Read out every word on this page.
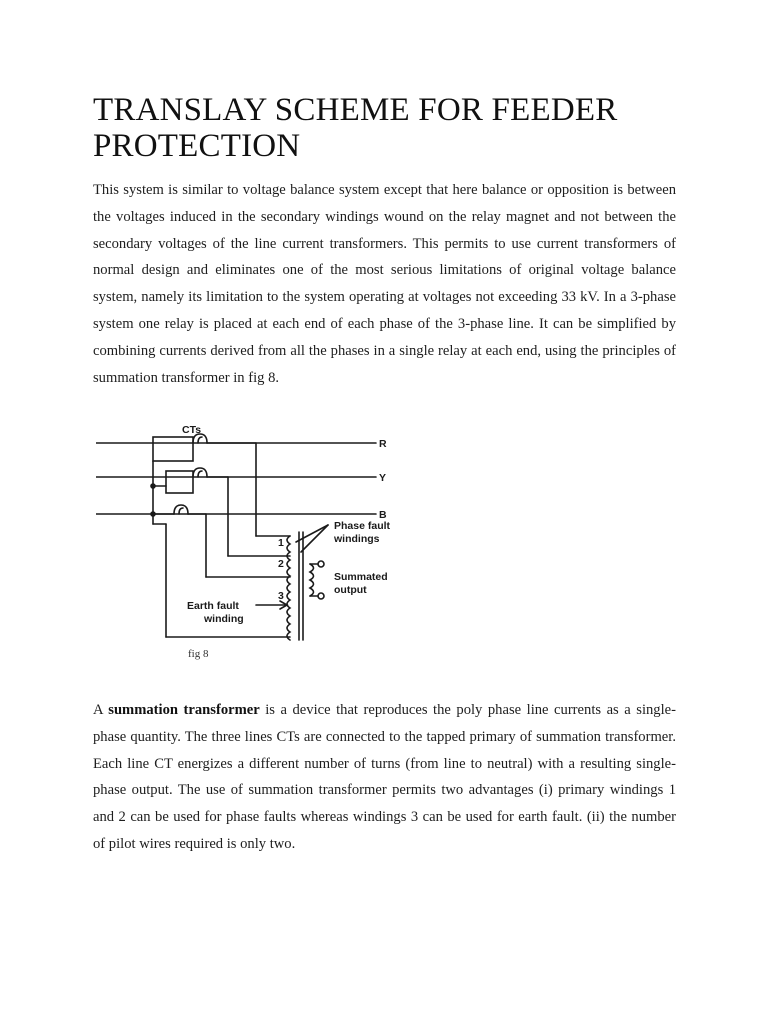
TRANSLAY SCHEME FOR FEEDER PROTECTION

This system is similar to voltage balance system except that here balance or opposition is between the voltages induced in the secondary windings wound on the relay magnet and not between the secondary voltages of the line current transformers. This permits to use current transformers of normal design and eliminates one of the most serious limitations of original voltage balance system, namely its limitation to the system operating at voltages not exceeding 33 kV. In a 3-phase system one relay is placed at each end of each phase of the 3-phase line. It can be simplified by combining currents derived from all the phases in a single relay at each end, using the principles of summation transformer in fig 8.

CTs
R
Y
B
Phase fault
windings
Summated
output
Earth fault
winding
1
2
3
fig 8

A summation transformer is a device that reproduces the poly phase line currents as a single-phase quantity. The three lines CTs are connected to the tapped primary of summation transformer. Each line CT energizes a different number of turns (from line to neutral) with a resulting single-phase output. The use of summation transformer permits two advantages (i) primary windings 1 and 2 can be used for phase faults whereas windings 3 can be used for earth fault. (ii) the number of pilot wires required is only two.
